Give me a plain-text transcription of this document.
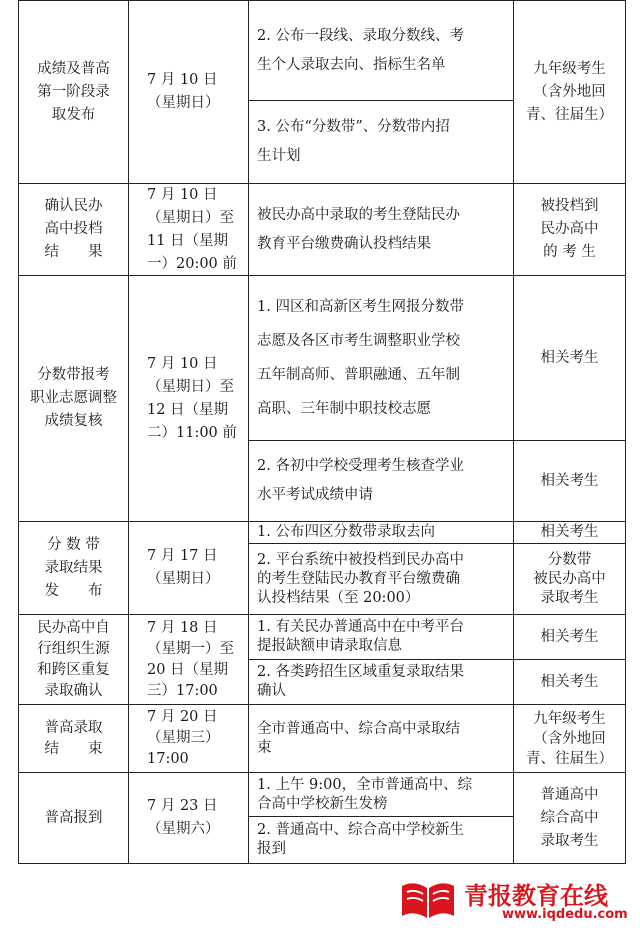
成绩及普高
第一阶段录
取发布
7 月 10 日
（星期日）
2. 公布一段线、录取分数线、考
生个人录取去向、指标生名单
3. 公布“分数带”、分数带内招
生计划
九年级考生
（含外地回
青、往届生）
确认民办
高中投档
结　　果
7 月 10 日
（星期日）至
11 日（星期
一）20:00 前
被民办高中录取的考生登陆民办
教育平台缴费确认投档结果
被投档到
民办高中
的 考 生
分数带报考
职业志愿调整
成绩复核
7 月 10 日
（星期日）至
12 日（星期
二）11:00 前
1. 四区和高新区考生网报分数带
志愿及各区市考生调整职业学校
五年制高师、普职融通、五年制
高职、三年制中职技校志愿
相关考生
2. 各初中学校受理考生核查学业
水平考试成绩申请
相关考生
分 数 带
录取结果
发　　布
7 月 17 日
（星期日）
1. 公布四区分数带录取去向	相关考生
2. 平台系统中被投档到民办高中
的考生登陆民办教育平台缴费确
认投档结果（至 20:00）
分数带
被民办高中
录取考生
民办高中自
行组织生源
和跨区重复
录取确认
7 月 18 日
（星期一）至
20 日（星期
三）17:00
1. 有关民办普通高中在中考平台
提报缺额申请录取信息
相关考生
2. 各类跨招生区域重复录取结果
确认
相关考生
普高录取
结　　束
7 月 20 日
（星期三）
17:00
全市普通高中、综合高中录取结
束
九年级考生
（含外地回
青、往届生）
普高报到
7 月 23 日
（星期六）
1. 上午 9:00，全市普通高中、综
合高中学校新生发榜
2. 普通高中、综合高中学校新生
报到
普通高中
综合高中
录取考生
青报教育在线
www.iqdedu.com
